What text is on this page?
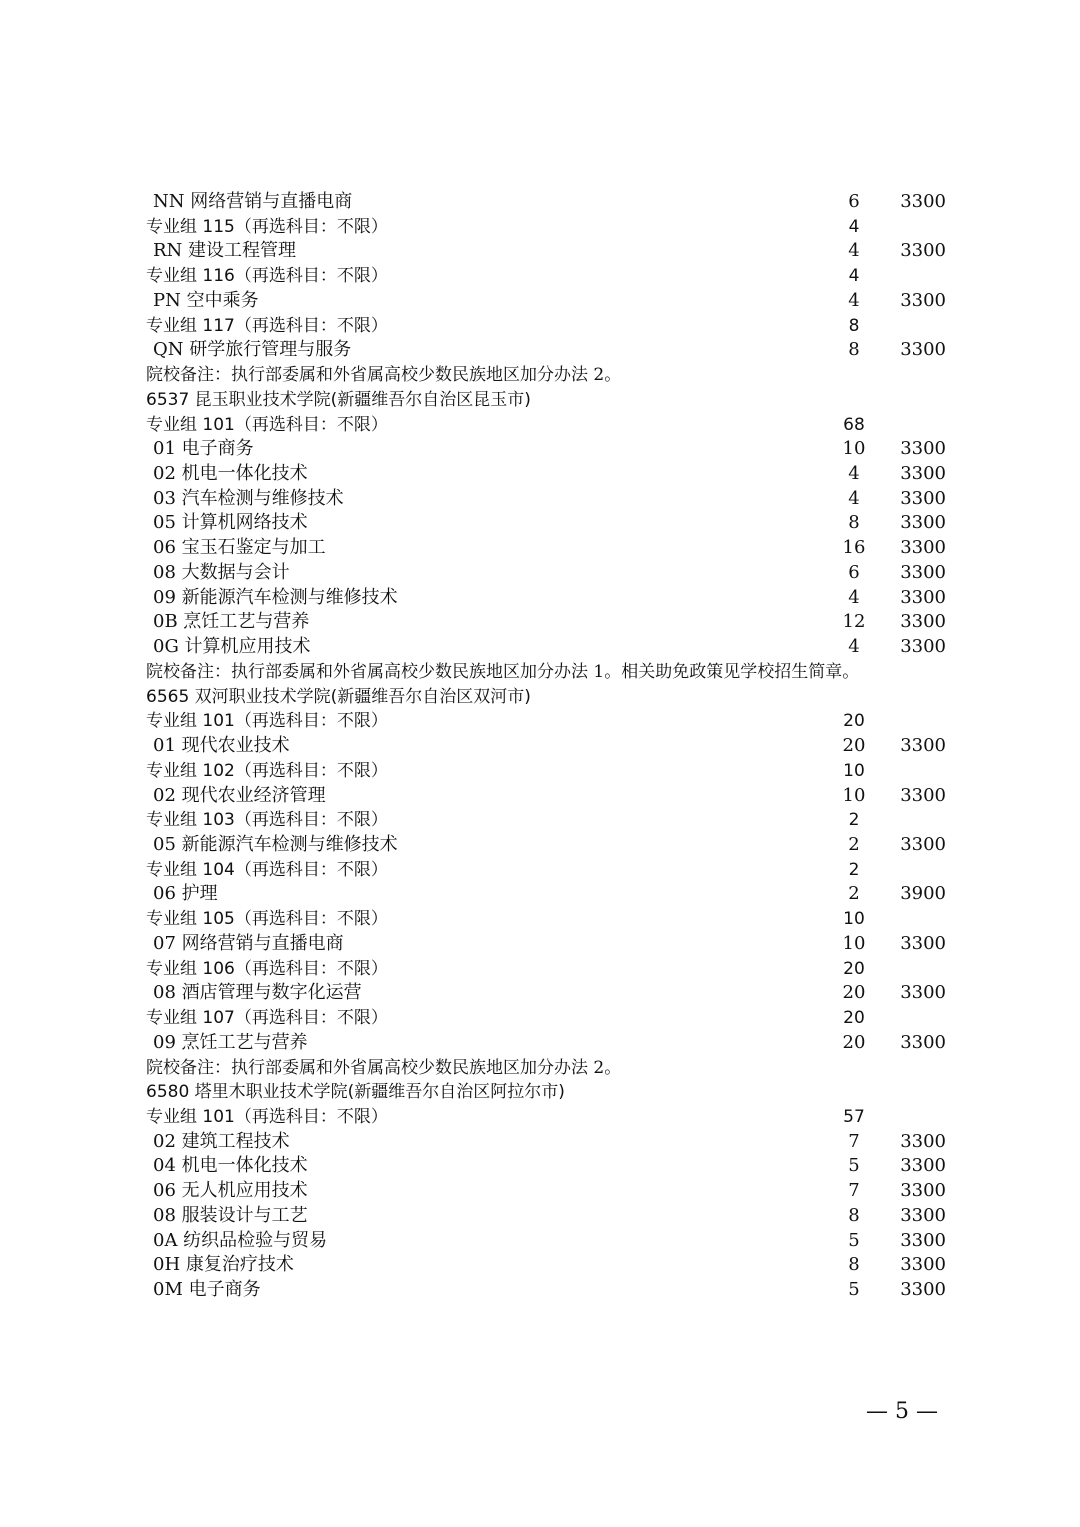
NN 网络营销与直播电商	6	3300
专业组 115（再选科目：不限）	4
RN 建设工程管理	4	3300
专业组 116（再选科目：不限）	4
PN 空中乘务	4	3300
专业组 117（再选科目：不限）	8
QN 研学旅行管理与服务	8	3300
院校备注：执行部委属和外省属高校少数民族地区加分办法 2。
6537 昆玉职业技术学院(新疆维吾尔自治区昆玉市)
专业组 101（再选科目：不限）	68
01 电子商务	10	3300
02 机电一体化技术	4	3300
03 汽车检测与维修技术	4	3300
05 计算机网络技术	8	3300
06 宝玉石鉴定与加工	16	3300
08 大数据与会计	6	3300
09 新能源汽车检测与维修技术	4	3300
0B 烹饪工艺与营养	12	3300
0G 计算机应用技术	4	3300
院校备注：执行部委属和外省属高校少数民族地区加分办法 1。相关助免政策见学校招生简章。
6565 双河职业技术学院(新疆维吾尔自治区双河市)
专业组 101（再选科目：不限）	20
01 现代农业技术	20	3300
专业组 102（再选科目：不限）	10
02 现代农业经济管理	10	3300
专业组 103（再选科目：不限）	2
05 新能源汽车检测与维修技术	2	3300
专业组 104（再选科目：不限）	2
06 护理	2	3900
专业组 105（再选科目：不限）	10
07 网络营销与直播电商	10	3300
专业组 106（再选科目：不限）	20
08 酒店管理与数字化运营	20	3300
专业组 107（再选科目：不限）	20
09 烹饪工艺与营养	20	3300
院校备注：执行部委属和外省属高校少数民族地区加分办法 2。
6580 塔里木职业技术学院(新疆维吾尔自治区阿拉尔市)
专业组 101（再选科目：不限）	57
02 建筑工程技术	7	3300
04 机电一体化技术	5	3300
06 无人机应用技术	7	3300
08 服装设计与工艺	8	3300
0A 纺织品检验与贸易	5	3300
0H 康复治疗技术	8	3300
0M 电子商务	5	3300
— 5 —
